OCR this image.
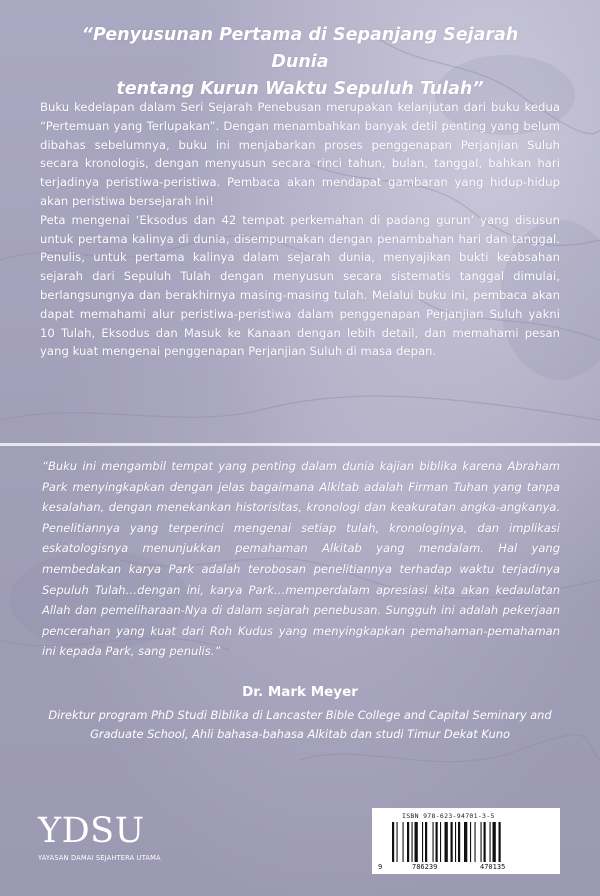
“Penyusunan Pertama di Sepanjang Sejarah Dunia
tentang Kurun Waktu Sepuluh Tulah”

Buku kedelapan dalam Seri Sejarah Penebusan merupakan kelanjutan dari buku kedua “Pertemuan yang Terlupakan”. Dengan menambahkan banyak detil penting yang belum dibahas sebelumnya, buku ini menjabarkan proses penggenapan Perjanjian Suluh secara kronologis, dengan menyusun secara rinci tahun, bulan, tanggal, bahkan hari terjadinya peristiwa-peristiwa. Pembaca akan mendapat gambaran yang hidup-hidup akan peristiwa bersejarah ini!

Peta mengenai ‘Eksodus dan 42 tempat perkemahan di padang gurun’ yang disusun untuk pertama kalinya di dunia, disempurnakan dengan penambahan hari dan tanggal. Penulis, untuk pertama kalinya dalam sejarah dunia, menyajikan bukti keabsahan sejarah dari Sepuluh Tulah dengan menyusun secara sistematis tanggal dimulai, berlangsungnya dan berakhirnya masing-masing tulah. Melalui buku ini, pembaca akan dapat memahami alur peristiwa-peristiwa dalam penggenapan Perjanjian Suluh yakni 10 Tulah, Eksodus dan Masuk ke Kanaan dengan lebih detail, dan memahami pesan yang kuat mengenai penggenapan Perjanjian Suluh di masa depan.

“Buku ini mengambil tempat yang penting dalam dunia kajian biblika karena Abraham Park menyingkapkan dengan jelas bagaimana Alkitab adalah Firman Tuhan yang tanpa kesalahan, dengan menekankan historisitas, kronologi dan keakuratan angka-angkanya. Penelitiannya yang terperinci mengenai setiap tulah, kronologinya, dan implikasi eskatologisnya menunjukkan pemahaman Alkitab yang mendalam. Hal yang membedakan karya Park adalah terobosan penelitiannya terhadap waktu terjadinya Sepuluh Tulah…dengan ini, karya Park…memperdalam apresiasi kita akan kedaulatan Allah dan pemeliharaan-Nya di dalam sejarah penebusan. Sungguh ini adalah pekerjaan pencerahan yang kuat dari Roh Kudus yang menyingkapkan pemahaman-pemahaman ini kepada Park, sang penulis.”

Dr. Mark Meyer

Direktur program PhD Studi Biblika di Lancaster Bible College and Capital Seminary and Graduate School, Ahli bahasa-bahasa Alkitab dan studi Timur Dekat Kuno

YDSU
YAYASAN DAMAI SEJAHTERA UTAMA
ISBN 978-623-94701-3-5
9	786239	470135
